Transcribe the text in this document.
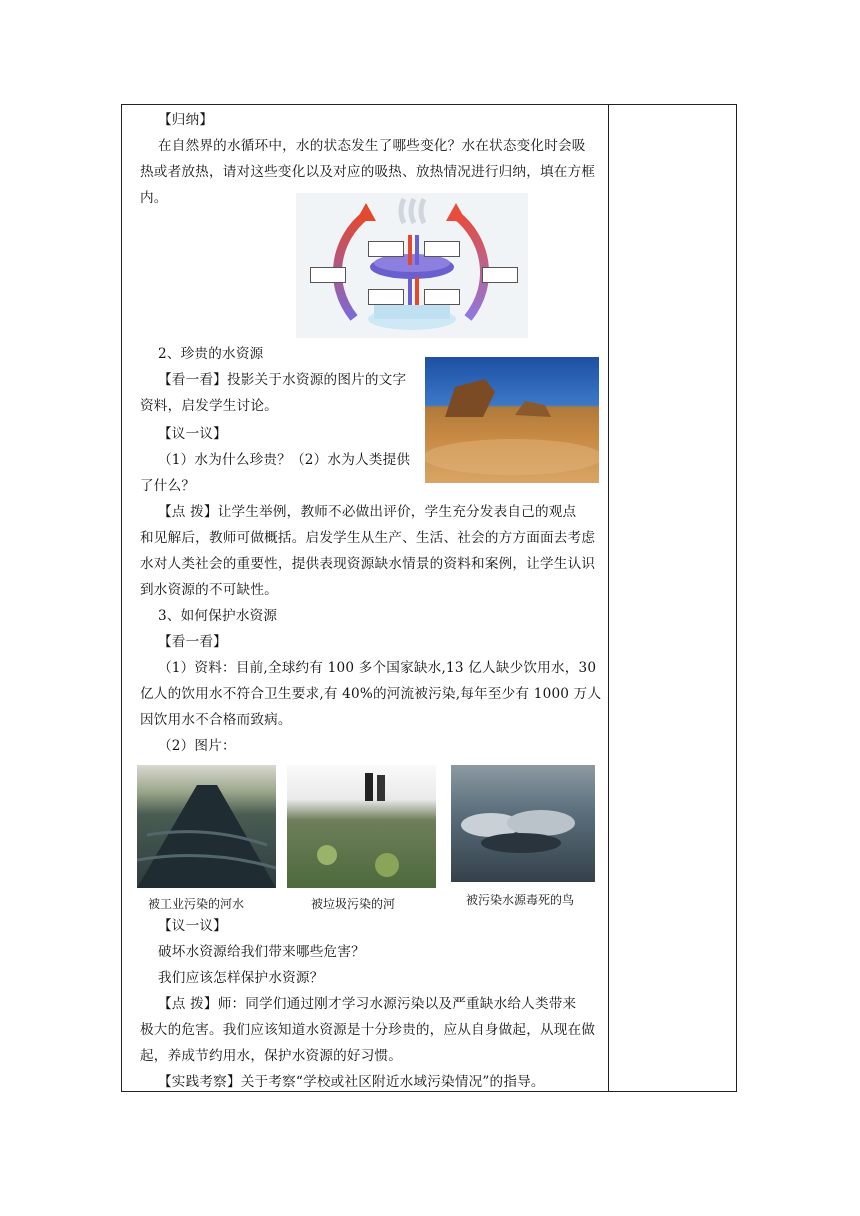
【归纳】
在自然界的水循环中，水的状态发生了哪些变化？水在状态变化时会吸
热或者放热，请对这些变化以及对应的吸热、放热情况进行归纳，填在方框
内。
2、珍贵的水资源
【看一看】投影关于水资源的图片的文字
资料，启发学生讨论。
【议一议】
（1）水为什么珍贵？（2）水为人类提供
了什么？
【点 拨】让学生举例，教师不必做出评价，学生充分发表自己的观点
和见解后，教师可做概括。启发学生从生产、生活、社会的方方面面去考虑
水对人类社会的重要性，提供表现资源缺水情景的资料和案例，让学生认识
到水资源的不可缺性。
3、如何保护水资源
【看一看】
（1）资料：目前,全球约有 100 多个国家缺水,13 亿人缺少饮用水，30
亿人的饮用水不符合卫生要求,有 40%的河流被污染,每年至少有 1000 万人
因饮用水不合格而致病。
（2）图片：
被工业污染的河水	被垃圾污染的河	被污染水源毒死的鸟
【议一议】
破坏水资源给我们带来哪些危害？
我们应该怎样保护水资源？
【点 拨】师：同学们通过刚才学习水源污染以及严重缺水给人类带来
极大的危害。我们应该知道水资源是十分珍贵的，应从自身做起，从现在做
起，养成节约用水，保护水资源的好习惯。
【实践考察】关于考察“学校或社区附近水域污染情况”的指导。
